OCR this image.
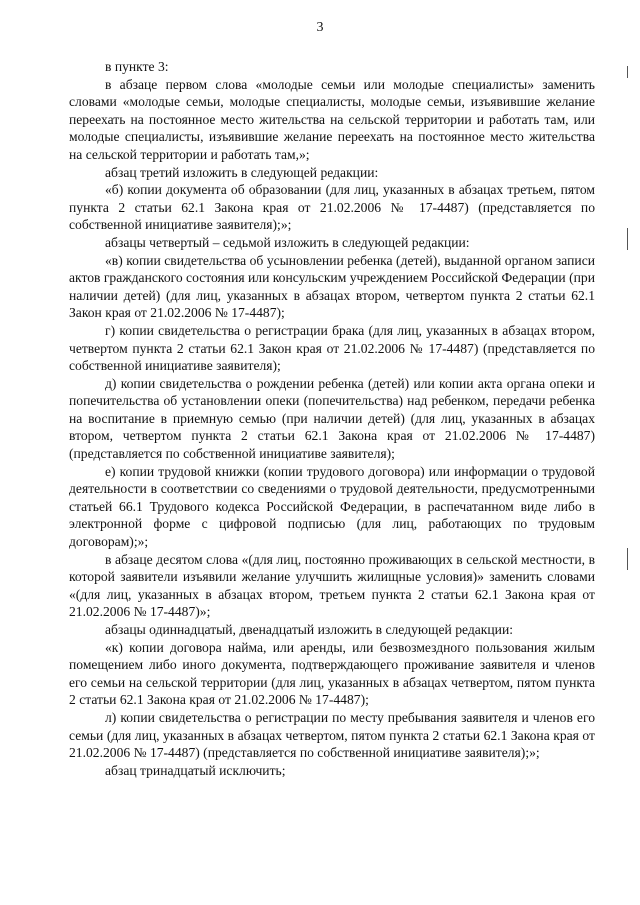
3

в пункте 3:

в абзаце первом слова «молодые семьи или молодые специалисты» заменить словами «молодые семьи, молодые специалисты, молодые семьи, изъявившие желание переехать на постоянное место жительства на сельской территории и работать там, или молодые специалисты, изъявившие желание переехать на постоянное место жительства на сельской территории и работать там,»;

абзац третий изложить в следующей редакции:

«б) копии документа об образовании (для лиц, указанных в абзацах третьем, пятом пункта 2 статьи 62.1 Закона края от 21.02.2006 № 17-4487) (представляется по собственной инициативе заявителя);»;

абзацы четвертый – седьмой изложить в следующей редакции:

«в) копии свидетельства об усыновлении ребенка (детей), выданной органом записи актов гражданского состояния или консульским учреждением Российской Федерации (при наличии детей) (для лиц, указанных в абзацах втором, четвертом пункта 2 статьи 62.1 Закон края от 21.02.2006 № 17-4487);

г) копии свидетельства о регистрации брака (для лиц, указанных в абзацах втором, четвертом пункта 2 статьи 62.1 Закон края от 21.02.2006 № 17-4487) (представляется по собственной инициативе заявителя);

д) копии свидетельства о рождении ребенка (детей) или копии акта органа опеки и попечительства об установлении опеки (попечительства) над ребенком, передачи ребенка на воспитание в приемную семью (при наличии детей) (для лиц, указанных в абзацах втором, четвертом пункта 2 статьи 62.1 Закона края от 21.02.2006 № 17-4487) (представляется по собственной инициативе заявителя);

е) копии трудовой книжки (копии трудового договора) или информации о трудовой деятельности в соответствии со сведениями о трудовой деятельности, предусмотренными статьей 66.1 Трудового кодекса Российской Федерации, в распечатанном виде либо в электронной форме с цифровой подписью (для лиц, работающих по трудовым договорам);»;

в абзаце десятом слова «(для лиц, постоянно проживающих в сельской местности, в которой заявители изъявили желание улучшить жилищные условия)» заменить словами «(для лиц, указанных в абзацах втором, третьем пункта 2 статьи 62.1 Закона края от 21.02.2006 № 17-4487)»;

абзацы одиннадцатый, двенадцатый изложить в следующей редакции:

«к) копии договора найма, или аренды, или безвозмездного пользования жилым помещением либо иного документа, подтверждающего проживание заявителя и членов его семьи на сельской территории (для лиц, указанных в абзацах четвертом, пятом пункта 2 статьи 62.1 Закона края от 21.02.2006 № 17-4487);

л) копии свидетельства о регистрации по месту пребывания заявителя и членов его семьи (для лиц, указанных в абзацах четвертом, пятом пункта 2 статьи 62.1 Закона края от 21.02.2006 № 17-4487) (представляется по собственной инициативе заявителя);»;

абзац тринадцатый исключить;
